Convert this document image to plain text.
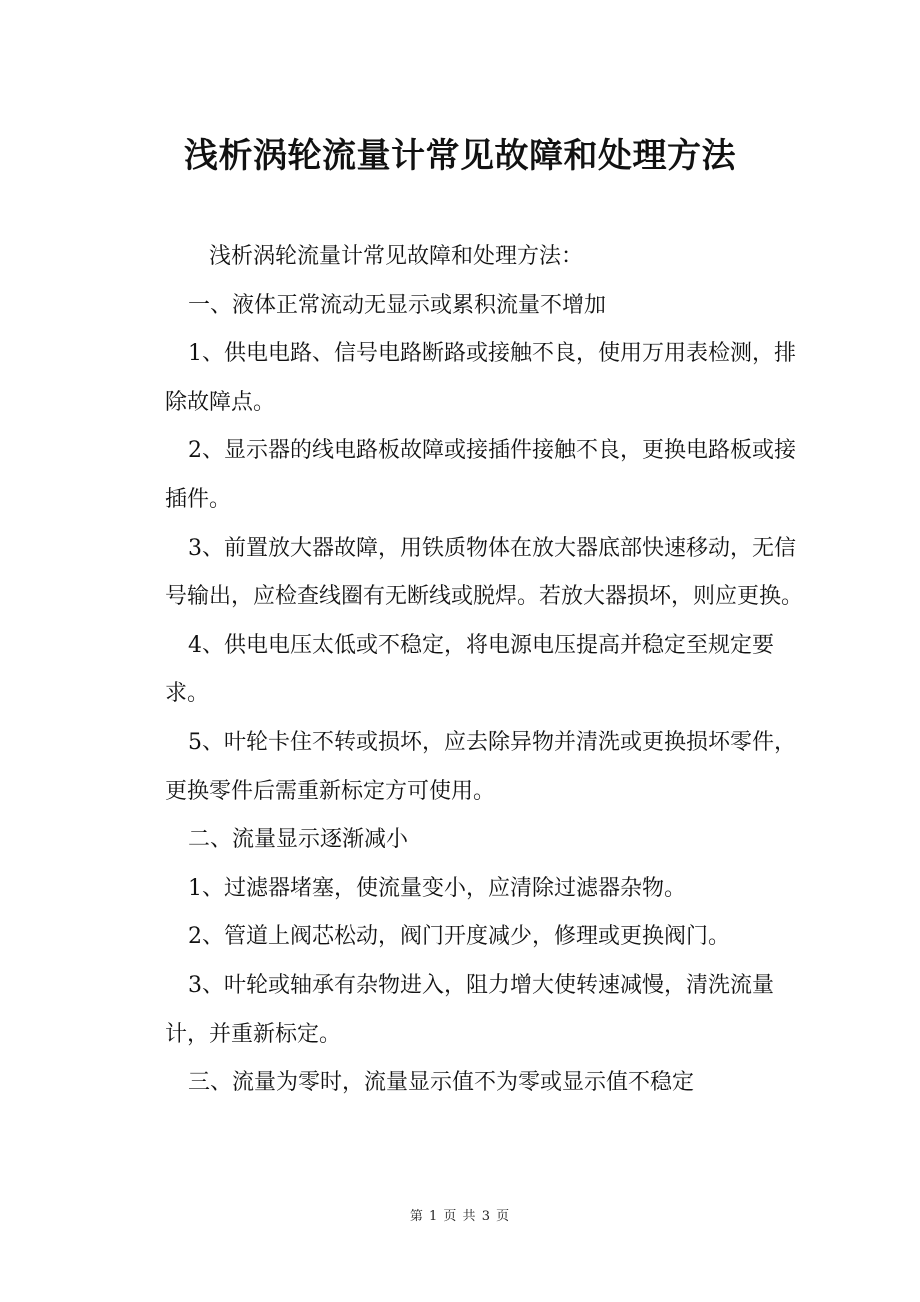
浅析涡轮流量计常见故障和处理方法

浅析涡轮流量计常见故障和处理方法：

一、液体正常流动无显示或累积流量不增加

1、供电电路、信号电路断路或接触不良，使用万用表检测，排除故障点。

2、显示器的线电路板故障或接插件接触不良，更换电路板或接插件。

3、前置放大器故障，用铁质物体在放大器底部快速移动，无信号输出，应检查线圈有无断线或脱焊。若放大器损坏，则应更换。

4、供电电压太低或不稳定，将电源电压提高并稳定至规定要求。

5、叶轮卡住不转或损坏，应去除异物并清洗或更换损坏零件，更换零件后需重新标定方可使用。

二、流量显示逐渐减小

1、过滤器堵塞，使流量变小，应清除过滤器杂物。

2、管道上阀芯松动，阀门开度减少，修理或更换阀门。

3、叶轮或轴承有杂物进入，阻力增大使转速减慢，清洗流量计，并重新标定。

三、流量为零时，流量显示值不为零或显示值不稳定

第 1 页 共 3 页
